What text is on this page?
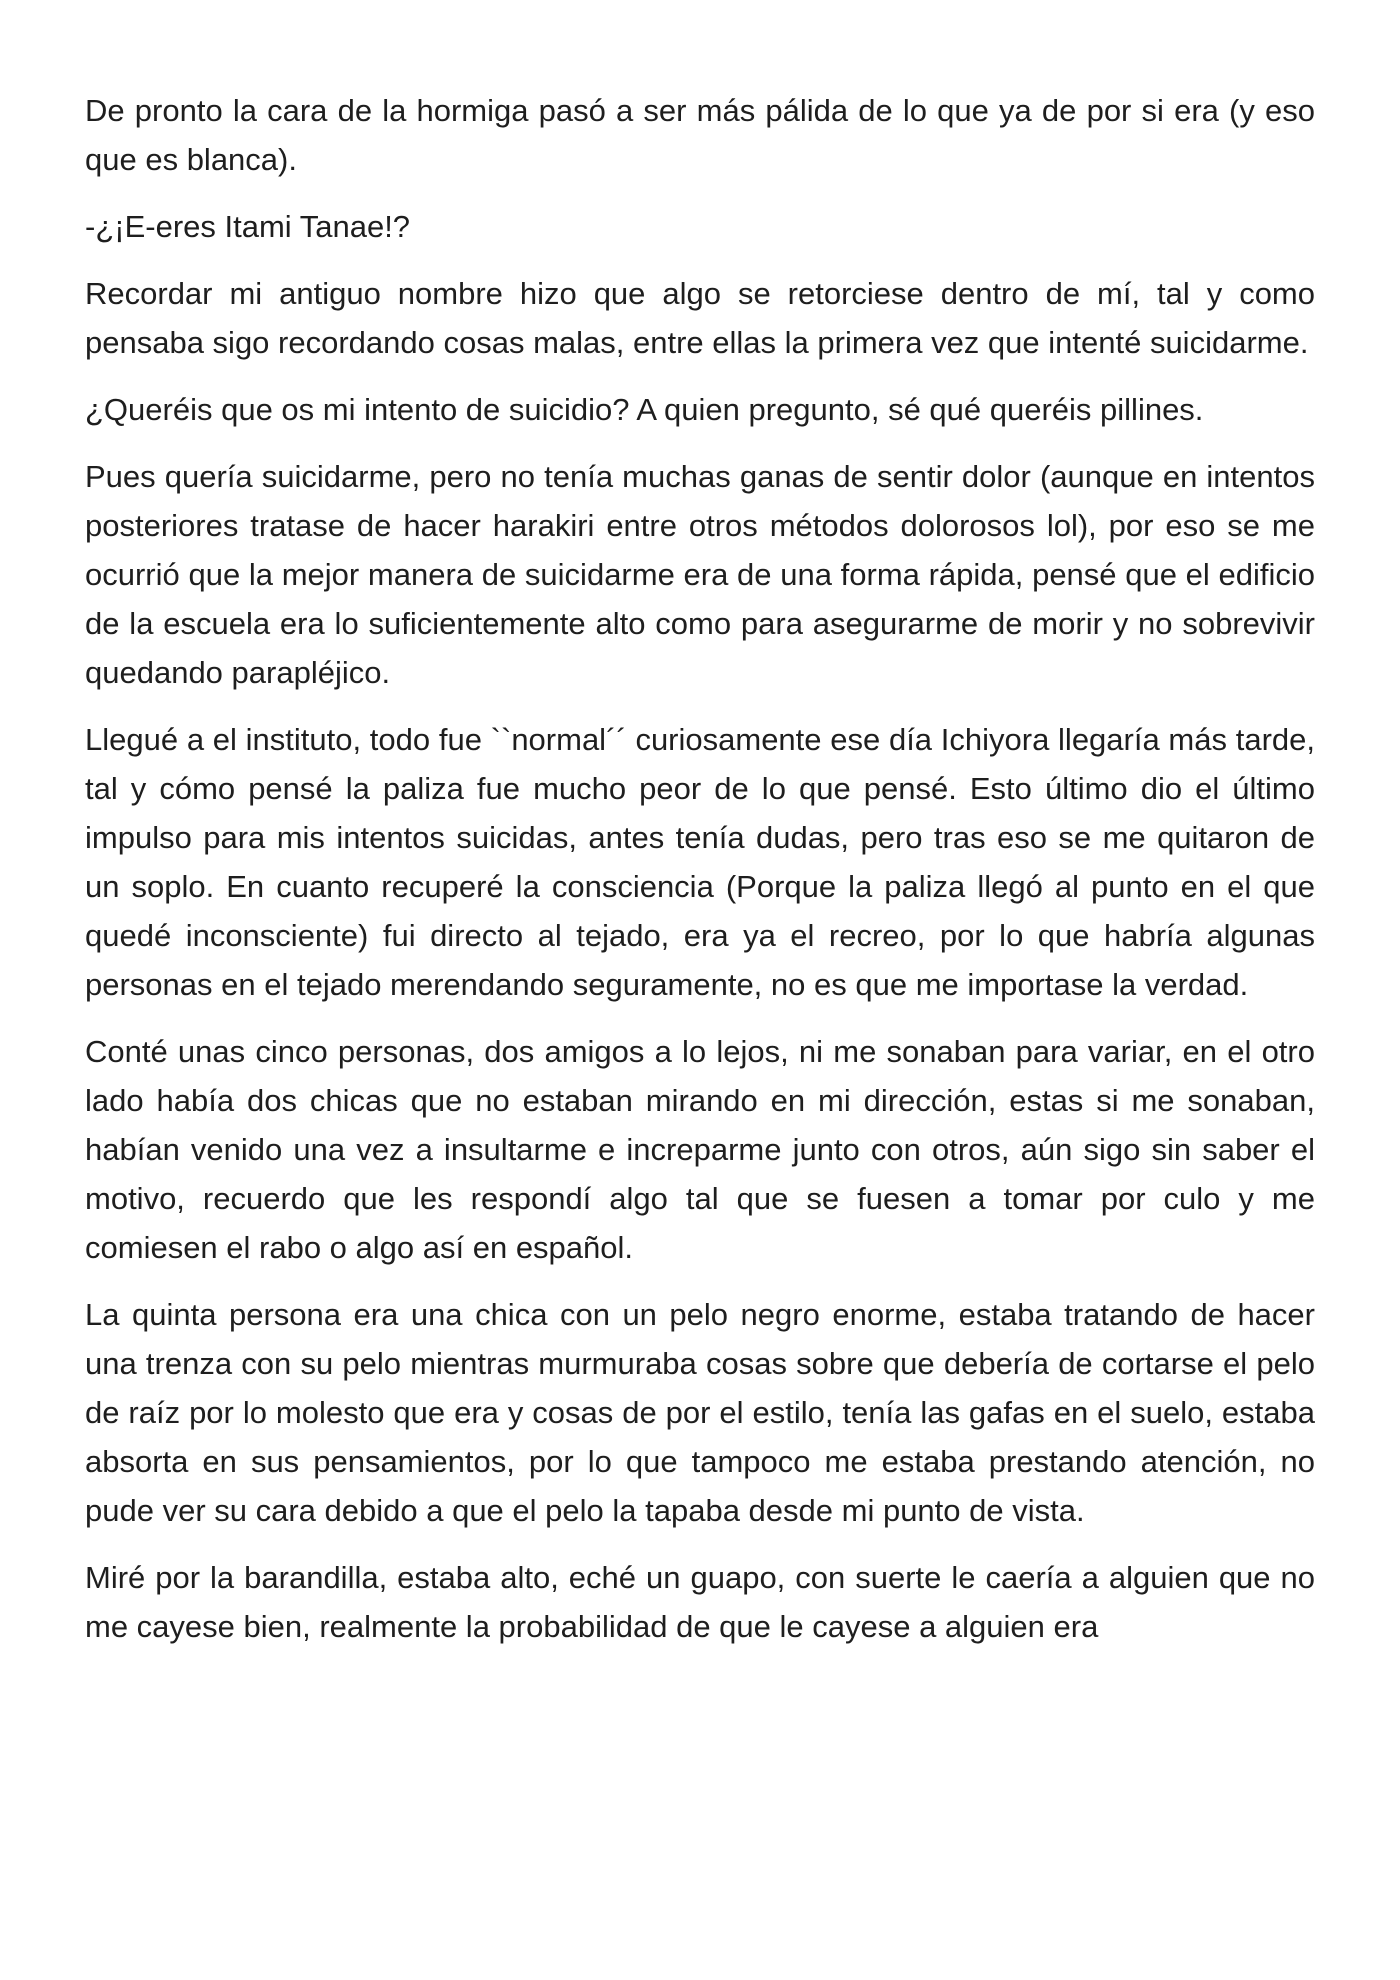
De pronto la cara de la hormiga pasó a ser más pálida de lo que ya de por si era (y eso que es blanca).

-¿¡E-eres Itami Tanae!?

Recordar mi antiguo nombre hizo que algo se retorciese dentro de mí, tal y como pensaba sigo recordando cosas malas, entre ellas la primera vez que intenté suicidarme.

¿Queréis que os mi intento de suicidio? A quien pregunto, sé qué queréis pillines.

Pues quería suicidarme, pero no tenía muchas ganas de sentir dolor (aunque en intentos posteriores tratase de hacer harakiri entre otros métodos dolorosos lol), por eso se me ocurrió que la mejor manera de suicidarme era de una forma rápida, pensé que el edificio de la escuela era lo suficientemente alto como para asegurarme de morir y no sobrevivir quedando parapléjico.

Llegué a el instituto, todo fue ``normal´´ curiosamente ese día Ichiyora llegaría más tarde, tal y cómo pensé la paliza fue mucho peor de lo que pensé. Esto último dio el último impulso para mis intentos suicidas, antes tenía dudas, pero tras eso se me quitaron de un soplo. En cuanto recuperé la consciencia (Porque la paliza llegó al punto en el que quedé inconsciente) fui directo al tejado, era ya el recreo, por lo que habría algunas personas en el tejado merendando seguramente, no es que me importase la verdad.

Conté unas cinco personas, dos amigos a lo lejos, ni me sonaban para variar, en el otro lado había dos chicas que no estaban mirando en mi dirección, estas si me sonaban, habían venido una vez a insultarme e increparme junto con otros, aún sigo sin saber el motivo, recuerdo que les respondí algo tal que se fuesen a tomar por culo y me comiesen el rabo o algo así en español.

La quinta persona era una chica con un pelo negro enorme, estaba tratando de hacer una trenza con su pelo mientras murmuraba cosas sobre que debería de cortarse el pelo de raíz por lo molesto que era y cosas de por el estilo, tenía las gafas en el suelo, estaba absorta en sus pensamientos, por lo que tampoco me estaba prestando atención, no pude ver su cara debido a que el pelo la tapaba desde mi punto de vista.

Miré por la barandilla, estaba alto, eché un guapo, con suerte le caería a alguien que no me cayese bien, realmente la probabilidad de que le cayese a alguien era
